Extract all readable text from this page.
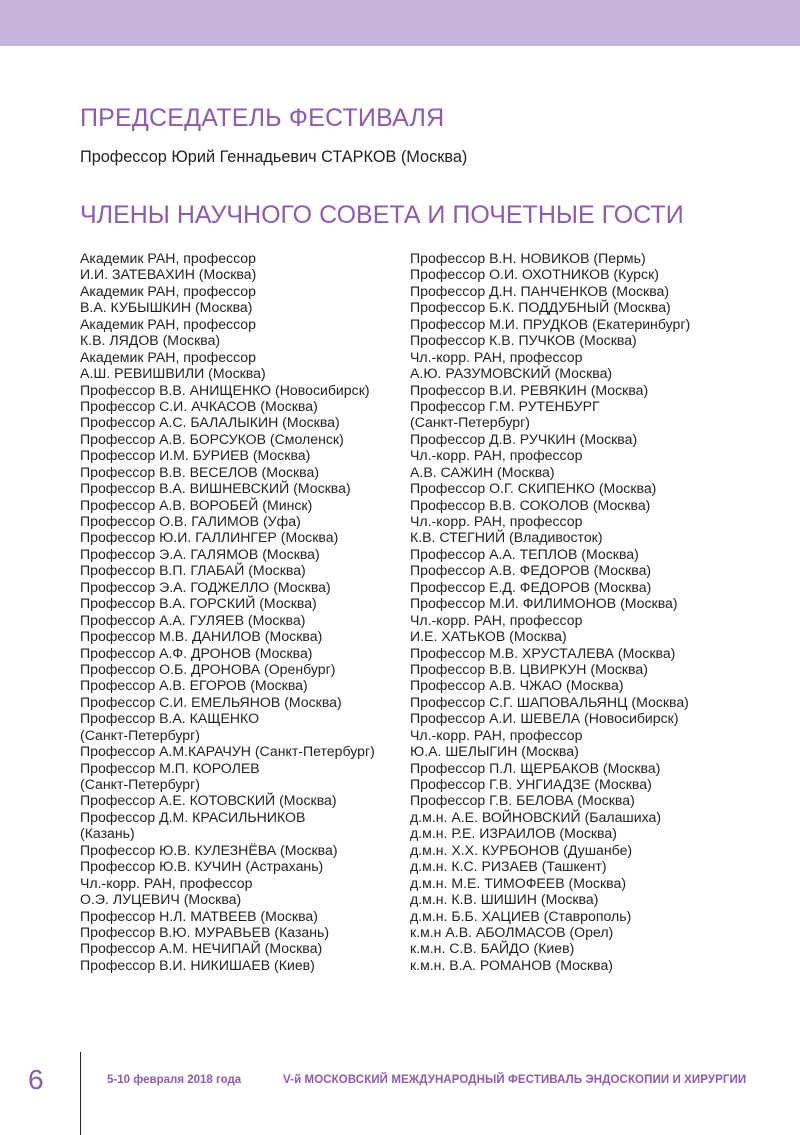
ПРЕДСЕДАТЕЛЬ ФЕСТИВАЛЯ
Профессор Юрий Геннадьевич СТАРКОВ (Москва)
ЧЛЕНЫ НАУЧНОГО СОВЕТА И ПОЧЕТНЫЕ ГОСТИ
Академик РАН, профессор
И.И. ЗАТЕВАХИН (Москва)
Академик РАН, профессор
В.А. КУБЫШКИН (Москва)
Академик РАН, профессор
К.В. ЛЯДОВ (Москва)
Академик РАН, профессор
А.Ш. РЕВИШВИЛИ (Москва)
Профессор В.В. АНИЩЕНКО (Новосибирск)
Профессор С.И. АЧКАСОВ (Москва)
Профессор А.С. БАЛАЛЫКИН (Москва)
Профессор А.В. БОРСУКОВ (Смоленск)
Профессор И.М. БУРИЕВ (Москва)
Профессор В.В. ВЕСЕЛОВ (Москва)
Профессор В.А. ВИШНЕВСКИЙ (Москва)
Профессор А.В. ВОРОБЕЙ (Минск)
Профессор О.В. ГАЛИМОВ (Уфа)
Профессор Ю.И. ГАЛЛИНГЕР (Москва)
Профессор Э.А. ГАЛЯМОВ (Москва)
Профессор В.П. ГЛАБАЙ (Москва)
Профессор Э.А. ГОДЖЕЛЛО (Москва)
Профессор В.А. ГОРСКИЙ (Москва)
Профессор А.А. ГУЛЯЕВ (Москва)
Профессор М.В. ДАНИЛОВ (Москва)
Профессор А.Ф. ДРОНОВ (Москва)
Профессор О.Б. ДРОНОВА (Оренбург)
Профессор А.В. ЕГОРОВ (Москва)
Профессор С.И. ЕМЕЛЬЯНОВ (Москва)
Профессор В.А. КАЩЕНКО
(Санкт-Петербург)
Профессор А.М.КАРАЧУН (Санкт-Петербург)
Профессор М.П. КОРОЛЕВ
(Санкт-Петербург)
Профессор А.Е. КОТОВСКИЙ (Москва)
Профессор Д.М. КРАСИЛЬНИКОВ
(Казань)
Профессор Ю.В. КУЛЕЗНЁВА (Москва)
Профессор Ю.В. КУЧИН (Астрахань)
Чл.-корр. РАН, профессор
О.Э. ЛУЦЕВИЧ (Москва)
Профессор Н.Л. МАТВЕЕВ (Москва)
Профессор В.Ю. МУРАВЬЕВ (Казань)
Профессор А.М. НЕЧИПАЙ (Москва)
Профессор В.И. НИКИШАЕВ (Киев)
Профессор В.Н. НОВИКОВ (Пермь)
Профессор О.И. ОХОТНИКОВ (Курск)
Профессор Д.Н. ПАНЧЕНКОВ (Москва)
Профессор Б.К. ПОДДУБНЫЙ (Москва)
Профессор М.И. ПРУДКОВ (Екатеринбург)
Профессор К.В. ПУЧКОВ (Москва)
Чл.-корр. РАН, профессор
А.Ю. РАЗУМОВСКИЙ (Москва)
Профессор В.И. РЕВЯКИН (Москва)
Профессор Г.М. РУТЕНБУРГ
(Санкт-Петербург)
Профессор Д.В. РУЧКИН (Москва)
Чл.-корр. РАН, профессор
А.В. САЖИН (Москва)
Профессор О.Г. СКИПЕНКО (Москва)
Профессор В.В. СОКОЛОВ (Москва)
Чл.-корр. РАН, профессор
К.В. СТЕГНИЙ (Владивосток)
Профессор А.А. ТЕПЛОВ (Москва)
Профессор А.В. ФЕДОРОВ (Москва)
Профессор Е.Д. ФЕДОРОВ (Москва)
Профессор М.И. ФИЛИМОНОВ (Москва)
Чл.-корр. РАН, профессор
И.Е. ХАТЬКОВ (Москва)
Профессор М.В. ХРУСТАЛЕВА (Москва)
Профессор В.В. ЦВИРКУН (Москва)
Профессор А.В. ЧЖАО (Москва)
Профессор С.Г. ШАПОВАЛЬЯНЦ (Москва)
Профессор А.И. ШЕВЕЛА (Новосибирск)
Чл.-корр. РАН, профессор
Ю.А. ШЕЛЫГИН (Москва)
Профессор П.Л. ЩЕРБАКОВ (Москва)
Профессор Г.В. УНГИАДЗЕ (Москва)
Профессор Г.В. БЕЛОВА (Москва)
д.м.н. А.Е. ВОЙНОВСКИЙ (Балашиха)
д.м.н. Р.Е. ИЗРАИЛОВ (Москва)
д.м.н. Х.Х. КУРБОНОВ (Душанбе)
д.м.н. К.С. РИЗАЕВ (Ташкент)
д.м.н. М.Е. ТИМОФЕЕВ (Москва)
д.м.н. К.В. ШИШИН (Москва)
д.м.н. Б.Б. ХАЦИЕВ (Ставрополь)
к.м.н А.В. АБОЛМАСОВ (Орел)
к.м.н. С.В. БАЙДО (Киев)
к.м.н. В.А. РОМАНОВ (Москва)
6	5-10 февраля 2018 года	V-й МОСКОВСКИЙ МЕЖДУНАРОДНЫЙ ФЕСТИВАЛЬ ЭНДОСКОПИИ И ХИРУРГИИ
